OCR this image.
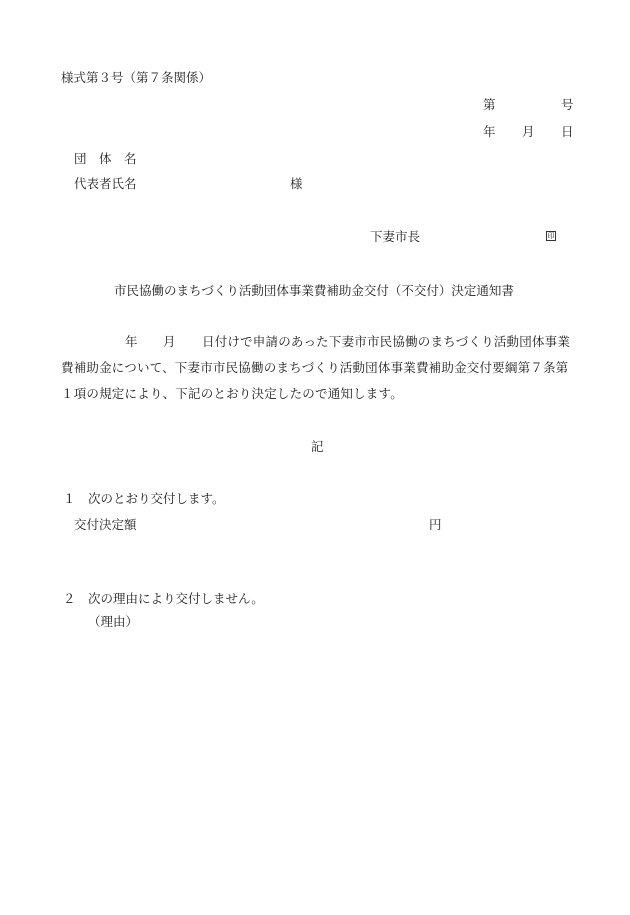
様式第３号（第７条関係）
第	号
年 月 日
団　体　名
代表者氏名	様
下妻市長	印
市民協働のまちづくり活動団体事業費補助金交付（不交付）決定通知書
年 月 日付けで申請のあった下妻市市民協働のまちづくり活動団体事業
費補助金について、下妻市市民協働のまちづくり活動団体事業費補助金交付要綱第７条第
１項の規定により、下記のとおり決定したので通知します。
記
１　次のとおり交付します。
交付決定額	円
２　次の理由により交付しません。
（理由）
